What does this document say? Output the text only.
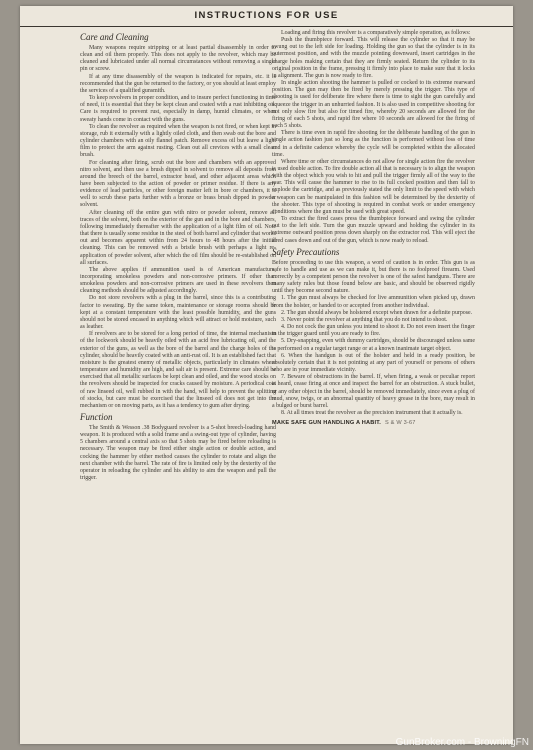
INSTRUCTIONS FOR USE
Care and Cleaning

Many weapons require stripping or at least partial disassembly in order to clean and oil them properly. This does not apply to the revolver, which may be cleaned and lubricated under all normal circumstances without removing a single pin or screw.

If at any time disassembly of the weapon is indicated for repairs, etc. it is recommended that the gun be returned to the factory, or you should at least employ the services of a qualified gunsmith.

To keep revolvers in proper condition, and to insure perfect functioning in time of need, it is essential that they be kept clean and coated with a rust inhibiting oil. Care is required to prevent rust, especially in damp, humid climates, or when sweaty hands come in contact with the guns.

To clean the revolver as required when the weapon is not fired, or when kept in storage, rub it externally with a lightly oiled cloth, and then swab out the bore and cylinder chambers with an oily flannel patch. Remove excess oil but leave a light film to protect the arm against rusting. Clean out all crevices with a small clean brush.

For cleaning after firing, scrub out the bore and chambers with an approved nitro solvent, and then use a brush dipped in solvent to remove all deposits from around the breech of the barrel, extractor head, and other adjacent areas which have been subjected to the action of powder or primer residue. If there is any evidence of lead particles, or other foreign matter left in bore or chambers, it is well to scrub these parts further with a bronze or brass brush dipped in powder solvent.

After cleaning off the entire gun with nitro or powder solvent, remove all traces of the solvent, both on the exterior of the gun and in the bore and chambers, following immediately thereafter with the application of a light film of oil. Note that there is usually some residue in the steel of both barrel and cylinder that works out and becomes apparent within from 24 hours to 48 hours after the initial cleaning. This can be removed with a bristle brush with perhaps a light re-application of powder solvent, after which the oil film should be re-established on all surfaces.

The above applies if ammunition used is of American manufacture, incorporating smokeless powders and non-corrosive primers. If other than smokeless powders and non-corrosive primers are used in these revolvers then cleaning methods should be adjusted accordingly.

Do not store revolvers with a plug in the barrel, since this is a contributing factor to sweating. By the same token, maintenance or storage rooms should be kept at a constant temperature with the least possible humidity, and the guns should not be stored encased in anything which will attract or hold moisture, such as leather.

If revolvers are to be stored for a long period of time, the internal mechanism of the lockwork should be heavily oiled with an acid free lubricating oil, and the exterior of the guns, as well as the bore of the barrel and the charge holes of the cylinder, should be heavily coated with an anti-rust oil. It is an established fact that moisture is the greatest enemy of metallic objects, particularly in climates where temperature and humidity are high, and salt air is present. Extreme care should be exercised that all metallic surfaces be kept clean and oiled, and the wood stocks on the revolvers should be inspected for cracks caused by moisture. A periodical coat of raw linseed oil, well rubbed in with the hand, will help to prevent the splitting of stocks, but care must be exercised that the linseed oil does not get into the mechanism or on moving parts, as it has a tendency to gum after drying.

Function

The Smith & Wesson .38 Bodyguard revolver is a 5-shot breech-loading hand weapon. It is produced with a solid frame and a swing-out type of cylinder, having 5 chambers around a central axis so that 5 shots may be fired before reloading is necessary. The weapon may be fired either single action or double action, and cocking the hammer by either method causes the cylinder to rotate and align the next chamber with the barrel. The rate of fire is limited only by the dexterity of the operator in reloading the cylinder and his ability to aim the weapon and pull the trigger.

Loading and firing this revolver is a comparatively simple operation, as follows:

Push the thumbpiece forward. This will release the cylinder so that it may be swung out to the left side for loading. Holding the gun so that the cylinder is in its outermost position, and with the muzzle pointing downward, insert cartridges in the charge holes making certain that they are firmly seated. Return the cylinder to its original position in the frame, pressing it firmly into place to make sure that it locks in alignment. The gun is now ready to fire.

In single action shooting the hammer is pulled or cocked to its extreme rearward position. The gun may then be fired by merely pressing the trigger. This type of shooting is used for deliberate fire where there is time to sight the gun carefully and squeeze the trigger in an unhurried fashion. It is also used in competitive shooting for not only slow fire but also for timed fire, whereby 20 seconds are allowed for the firing of each 5 shots, and rapid fire where 10 seconds are allowed for the firing of each 5 shots.

There is time even in rapid fire shooting for the deliberate handling of the gun in single action fashion just so long as the function is performed without loss of time and in a definite cadence whereby the cycle will be completed within the allocated time.

Where time or other circumstances do not allow for single action fire the revolver is used double action. To fire double action all that is necessary is to align the weapon with the object which you wish to hit and pull the trigger firmly all of the way to the rear. This will cause the hammer to rise to its full cocked position and then fall to explode the cartridge, and as previously stated the only limit to the speed with which a weapon can be manipulated in this fashion will be determined by the dexterity of the shooter. This type of shooting is required in combat work or under emergency conditions where the gun must be used with great speed.

To extract the fired cases press the thumbpiece forward and swing the cylinder out to the left side. Turn the gun muzzle upward and holding the cylinder in its extreme outward position press down sharply on the extractor rod. This will eject the fired cases down and out of the gun, which is now ready to reload.

Safety Precautions

Before proceeding to use this weapon, a word of caution is in order. This gun is as safe to handle and use as we can make it, but there is no foolproof firearm. Used correctly by a competent person the revolver is one of the safest handguns. There are many safety rules but those found below are basic, and should be observed rigidly until they become second nature.

1. The gun must always be checked for live ammunition when picked up, drawn from the holster, or handed to or accepted from another individual.

2. The gun should always be holstered except when drawn for a definite purpose.

3. Never point the revolver at anything that you do not intend to shoot.

4. Do not cock the gun unless you intend to shoot it. Do not even insert the finger in the trigger guard until you are ready to fire.

5. Dry-snapping, even with dummy cartridges, should be discouraged unless same is performed on a regular target range or at a known inanimate target object.

6. When the handgun is out of the holster and held in a ready position, be absolutely certain that it is not pointing at any part of yourself or persons of others who are in your immediate vicinity.

7. Beware of obstructions in the barrel. If, when firing, a weak or peculiar report is heard, cease firing at once and inspect the barrel for an obstruction. A stuck bullet, or any other object in the barrel, should be removed immediately, since even a plug of mud, snow, twigs, or an abnormal quantity of heavy grease in the bore, may result in a bulged or burst barrel.

8. At all times treat the revolver as the precision instrument that it actually is.

MAKE SAFE GUN HANDLING A HABIT. S & W 3-67
GunBroker.com - BrowningFN
